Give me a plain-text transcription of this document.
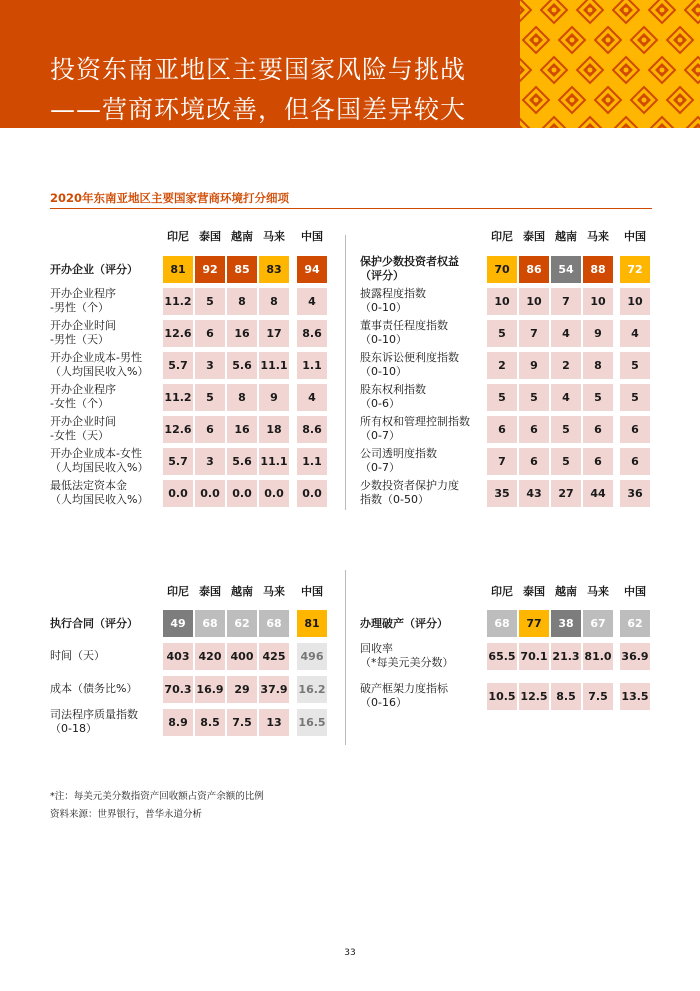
投资东南亚地区主要国家风险与挑战
——营商环境改善，但各国差异较大
2020年东南亚地区主要国家营商环境打分细项
印尼 泰国 越南 马来	中国
开办企业（评分）	81	92	85	83	94
开办企业程序
-男性（个）	11.2	5	8	8	4
开办企业时间
-男性（天）	12.6	6	16	17	8.6
开办企业成本-男性
（人均国民收入%）	5.7	3	5.6 11.1	1.1
开办企业程序
-女性（个）	11.2	5	8	9	4
开办企业时间
-女性（天）	12.6	6	16	18	8.6
开办企业成本-女性
（人均国民收入%）	5.7	3	5.6 11.1	1.1
最低法定资本金
（人均国民收入%）	0.0	0.0	0.0	0.0	0.0
印尼 泰国 越南 马来	中国
保护少数投资者权益
（评分）	70	86	54	88	72
披露程度指数
（0-10）	10	10	7	10	10
董事责任程度指数
（0-10）	5	7	4	9	4
股东诉讼便利度指数
（0-10）	2	9	2	8	5
股东权利指数
（0-6）	5	5	4	5	5
所有权和管理控制指数
（0-7）	6	6	5	6	6
公司透明度指数
（0-7）	7	6	5	6	6
少数投资者保护力度
指数（0-50）	35	43	27	44	36
印尼 泰国 越南 马来	中国
执行合同（评分）	49	68	62	68	81
时间（天）	403 420 400 425	496
成本（债务比%） 70.3 16.9 29 37.9 16.2
司法程序质量指数
（0-18）	8.9	8.5	7.5	13	16.5
印尼 泰国 越南 马来	中国
办理破产（评分）	68	77	38	67	62
回收率
（*每美元美分数）	65.5 70.1 21.3 81.0 36.9
破产框架力度指标
（0-16）	10.5 12.5 8.5	7.5	13.5
*注：每美元美分数指资产回收额占资产余额的比例
资料来源：世界银行，普华永道分析
33
